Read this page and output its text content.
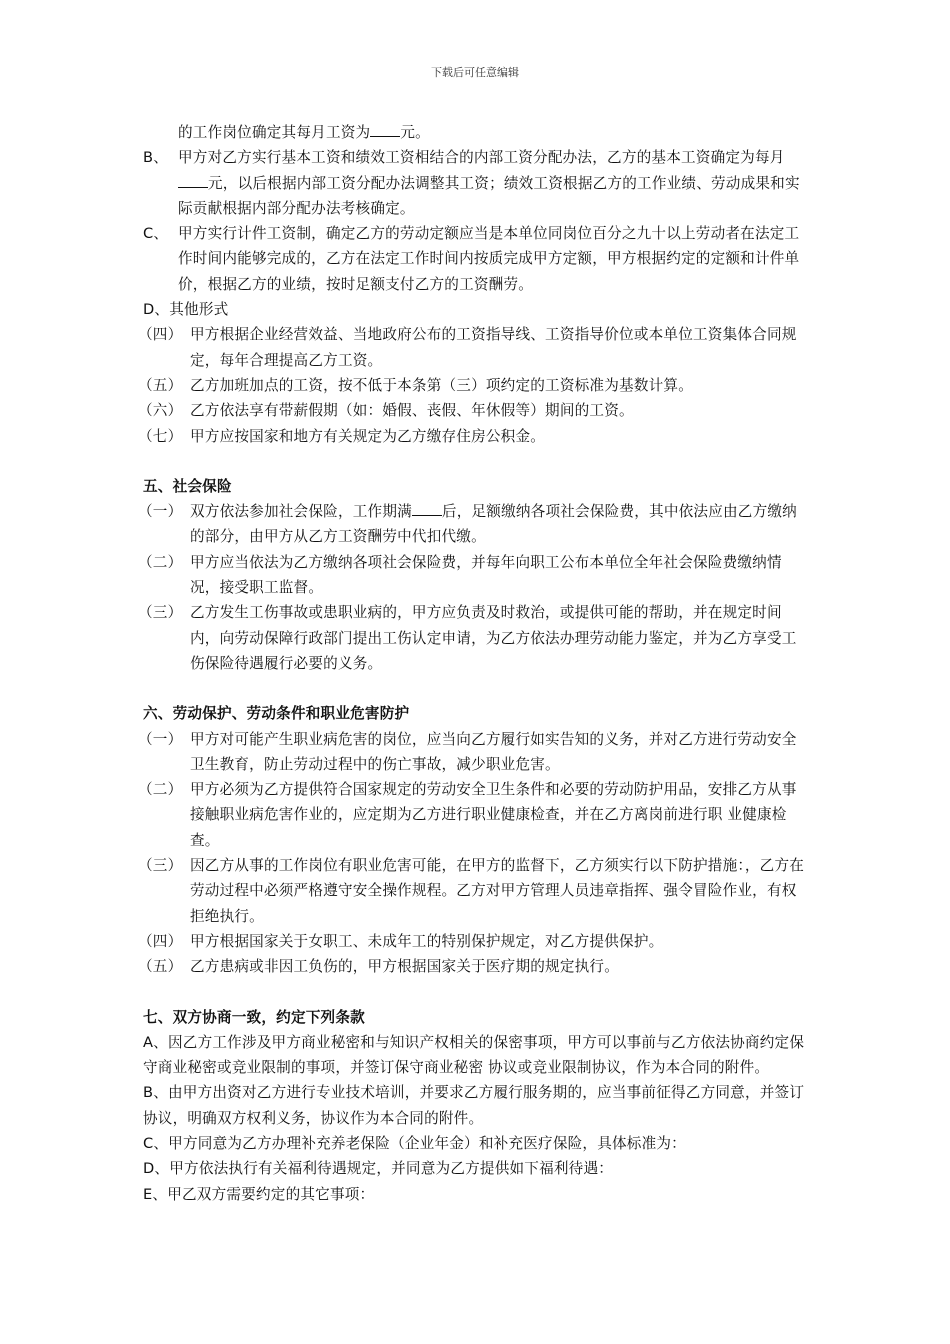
下载后可任意编辑

的工作岗位确定其每月工资为 元。

B、 甲方对乙方实行基本工资和绩效工资相结合的内部工资分配办法，乙方的基本工资确定为每月元，以后根据内部工资分配办法调整其工资；绩效工资根据乙方的工作业绩、劳动成果和实际贡献根据内部分配办法考核确定。
C、 甲方实行计件工资制，确定乙方的劳动定额应当是本单位同岗位百分之九十以上劳动者在法定工作时间内能够完成的，乙方在法定工作时间内按质完成甲方定额，甲方根据约定的定额和计件单价，根据乙方的业绩，按时足额支付乙方的工资酬劳。
D、 其他形式
（四） 甲方根据企业经营效益、当地政府公布的工资指导线、工资指导价位或本单位工资集体合同规定，每年合理提高乙方工资。
（五） 乙方加班加点的工资，按不低于本条第（三）项约定的工资标准为基数计算。
（六） 乙方依法享有带薪假期（如：婚假、丧假、年休假等）期间的工资。
（七） 甲方应按国家和地方有关规定为乙方缴存住房公积金。

五、社会保险

（一） 双方依法参加社会保险，工作期满 后，足额缴纳各项社会保险费，其中依法应由乙方缴纳的部分，由甲方从乙方工资酬劳中代扣代缴。
（二） 甲方应当依法为乙方缴纳各项社会保险费，并每年向职工公布本单位全年社会保险费缴纳情况，接受职工监督。
（三） 乙方发生工伤事故或患职业病的，甲方应负责及时救治，或提供可能的帮助，并在规定时间内，向劳动保障行政部门提出工伤认定申请，为乙方依法办理劳动能力鉴定，并为乙方享受工伤保险待遇履行必要的义务。

六、劳动保护、劳动条件和职业危害防护

（一） 甲方对可能产生职业病危害的岗位，应当向乙方履行如实告知的义务，并对乙方进行劳动安全卫生教育，防止劳动过程中的伤亡事故，减少职业危害。
（二） 甲方必须为乙方提供符合国家规定的劳动安全卫生条件和必要的劳动防护用品，安排乙方从事接触职业病危害作业的，应定期为乙方进行职业健康检查，并在乙方离岗前进行职 业健康检查。
（三） 因乙方从事的工作岗位有职业危害可能，在甲方的监督下，乙方须实行以下防护措施：，乙方在劳动过程中必须严格遵守安全操作规程。乙方对甲方管理人员违章指挥、强令冒险作业，有权拒绝执行。
（四） 甲方根据国家关于女职工、未成年工的特别保护规定，对乙方提供保护。
（五） 乙方患病或非因工负伤的，甲方根据国家关于医疗期的规定执行。

七、双方协商一致，约定下列条款

A、因乙方工作涉及甲方商业秘密和与知识产权相关的保密事项，甲方可以事前与乙方依法协商约定保守商业秘密或竞业限制的事项，并签订保守商业秘密 协议或竞业限制协议，作为本合同的附件。

B、由甲方出资对乙方进行专业技术培训，并要求乙方履行服务期的，应当事前征得乙方同意，并签订协议，明确双方权利义务，协议作为本合同的附件。

C、甲方同意为乙方办理补充养老保险（企业年金）和补充医疗保险，具体标准为：

D、甲方依法执行有关福利待遇规定，并同意为乙方提供如下福利待遇：

E、甲乙双方需要约定的其它事项：
